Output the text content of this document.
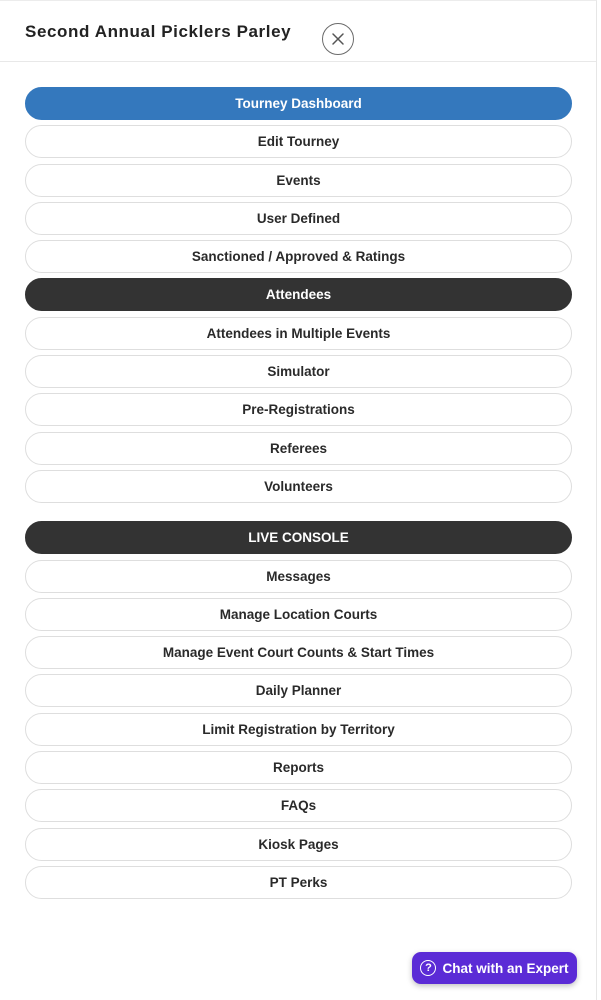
Second Annual Picklers Parley
Tourney Dashboard
Edit Tourney
Events
User Defined
Sanctioned / Approved & Ratings
Attendees
Attendees in Multiple Events
Simulator
Pre-Registrations
Referees
Volunteers
LIVE CONSOLE
Messages
Manage Location Courts
Manage Event Court Counts & Start Times
Daily Planner
Limit Registration by Territory
Reports
FAQs
Kiosk Pages
PT Perks
? Chat with an Expert
